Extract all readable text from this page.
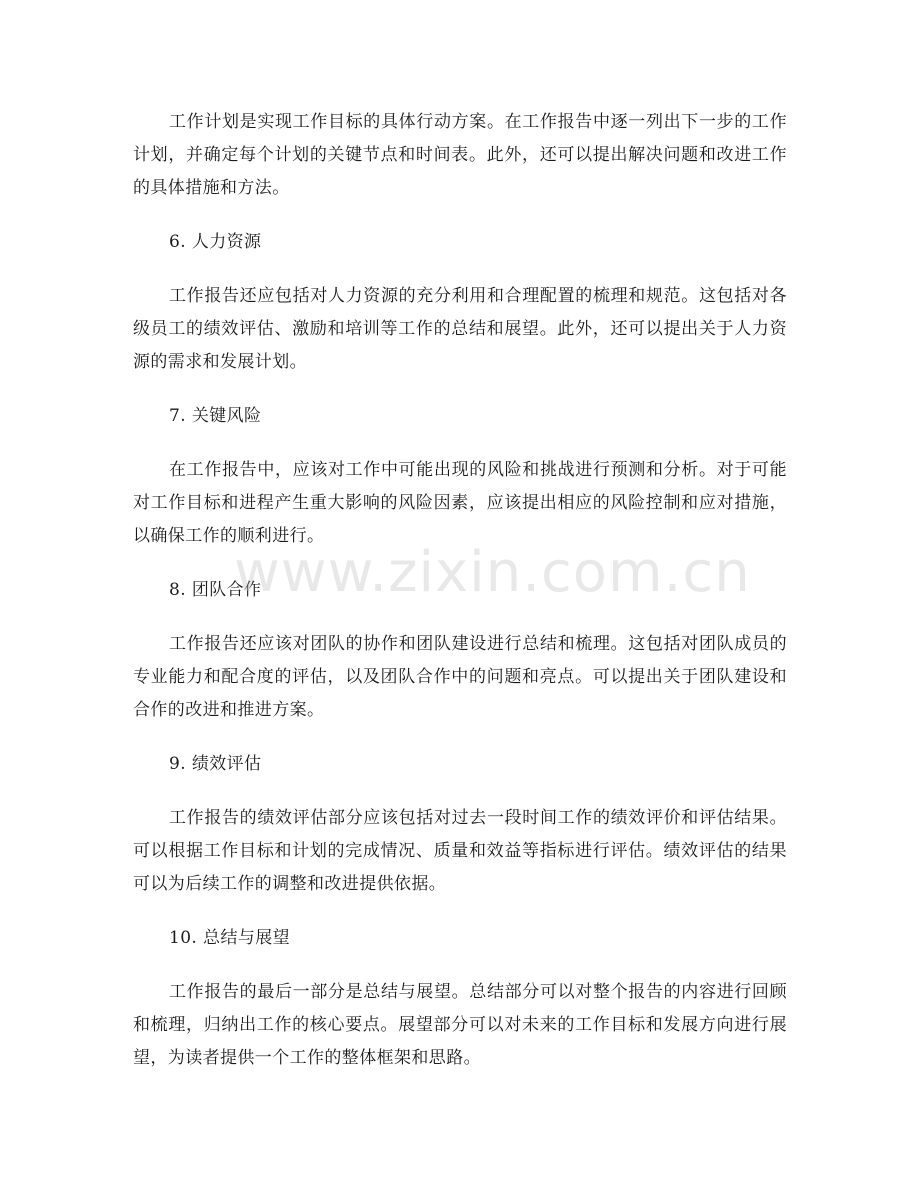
工作计划是实现工作目标的具体行动方案。在工作报告中逐一列出下一步的工作计划，并确定每个计划的关键节点和时间表。此外，还可以提出解决问题和改进工作的具体措施和方法。

6. 人力资源

工作报告还应包括对人力资源的充分利用和合理配置的梳理和规范。这包括对各级员工的绩效评估、激励和培训等工作的总结和展望。此外，还可以提出关于人力资源的需求和发展计划。

7. 关键风险

在工作报告中，应该对工作中可能出现的风险和挑战进行预测和分析。对于可能对工作目标和进程产生重大影响的风险因素，应该提出相应的风险控制和应对措施，以确保工作的顺利进行。

8. 团队合作

工作报告还应该对团队的协作和团队建设进行总结和梳理。这包括对团队成员的专业能力和配合度的评估，以及团队合作中的问题和亮点。可以提出关于团队建设和合作的改进和推进方案。

9. 绩效评估

工作报告的绩效评估部分应该包括对过去一段时间工作的绩效评价和评估结果。可以根据工作目标和计划的完成情况、质量和效益等指标进行评估。绩效评估的结果可以为后续工作的调整和改进提供依据。

10. 总结与展望

工作报告的最后一部分是总结与展望。总结部分可以对整个报告的内容进行回顾和梳理，归纳出工作的核心要点。展望部分可以对未来的工作目标和发展方向进行展望，为读者提供一个工作的整体框架和思路。

www.zixin.com.cn
